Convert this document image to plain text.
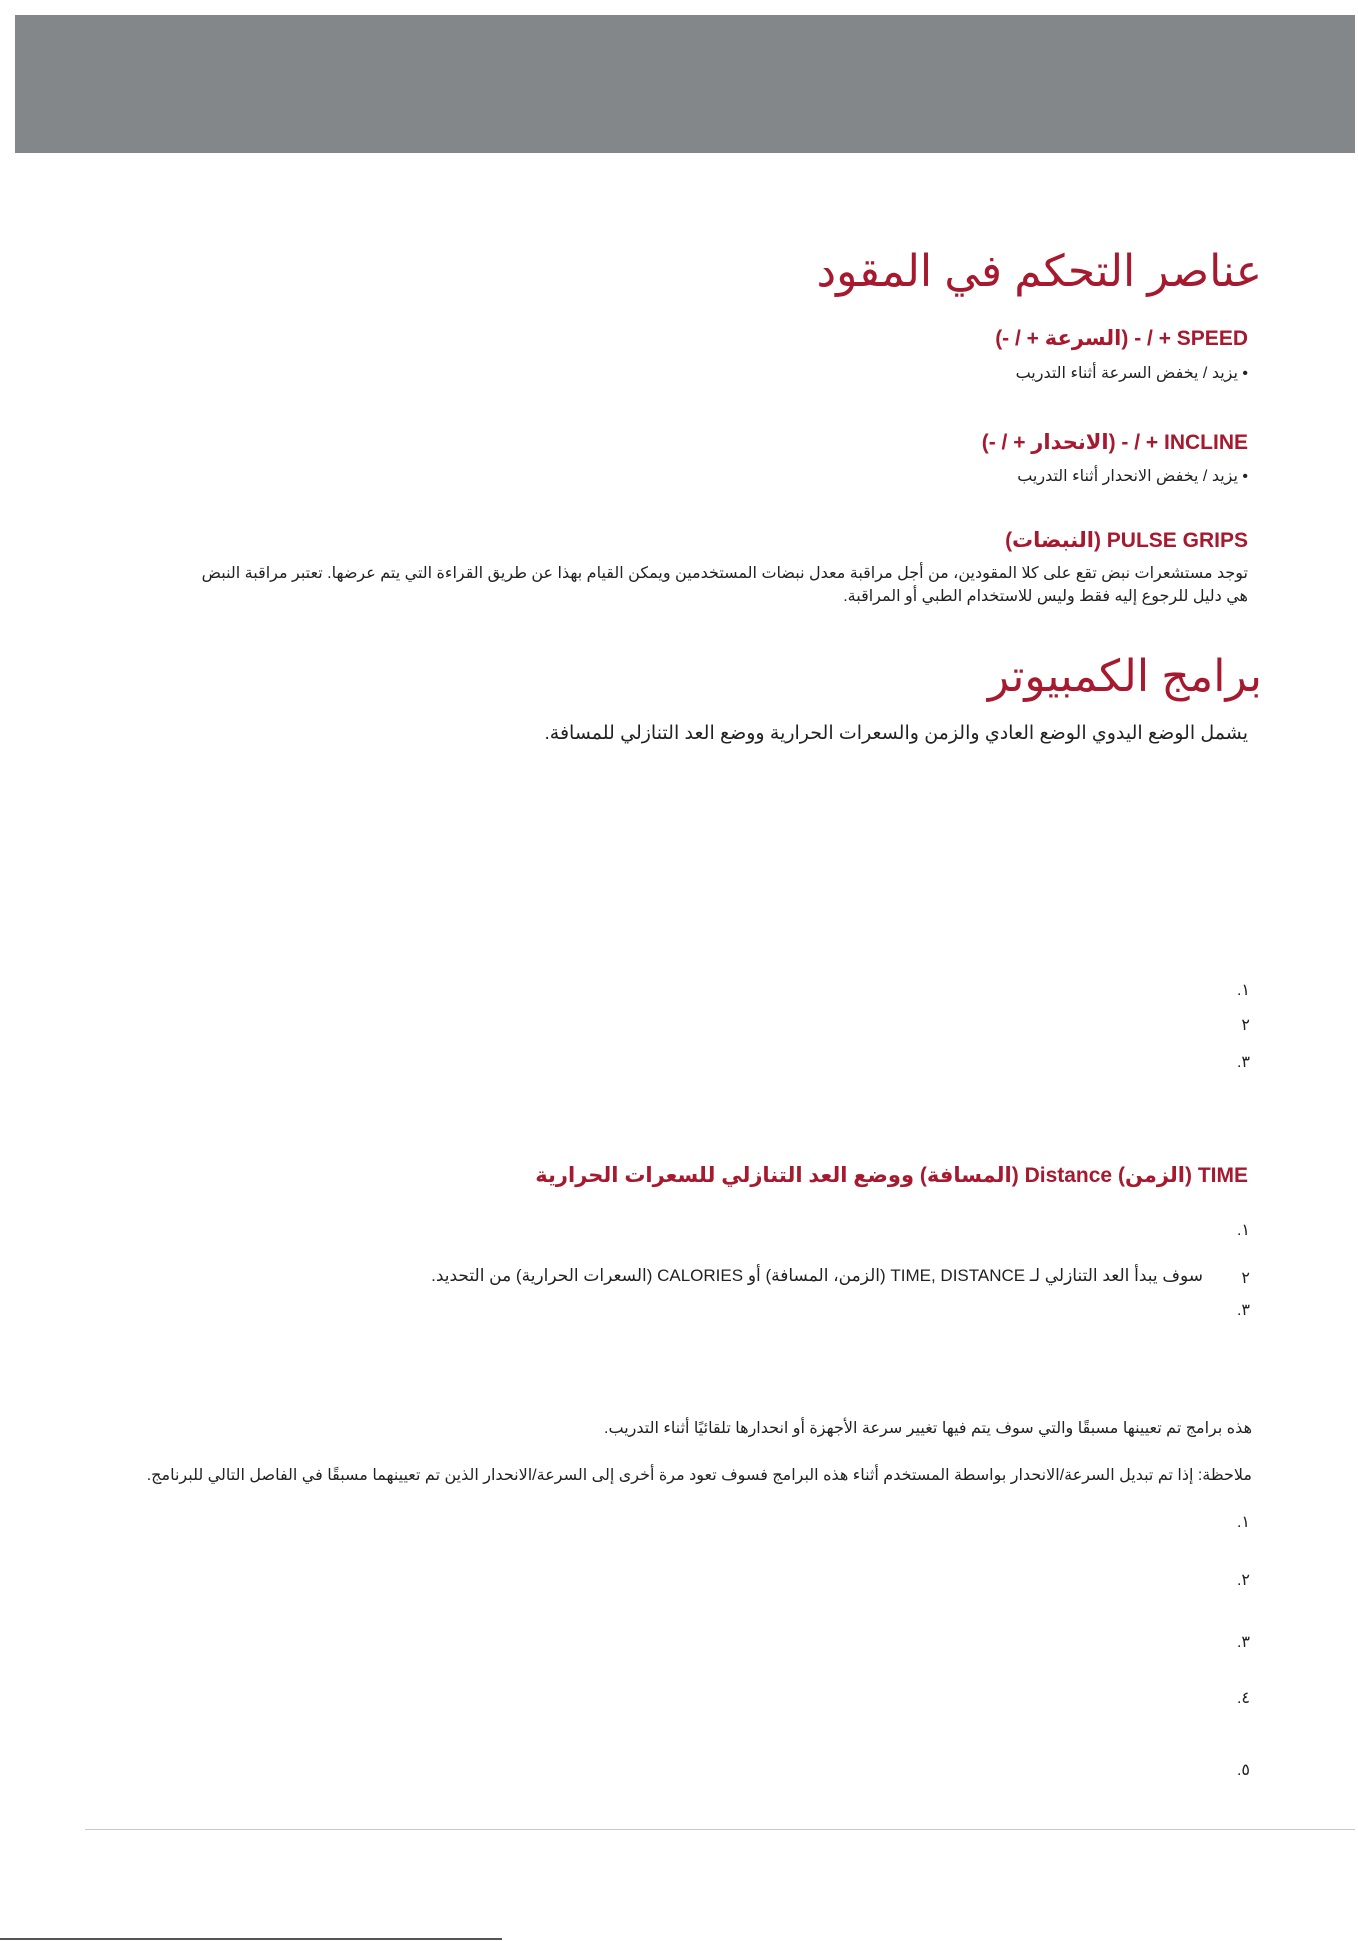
عناصر التحكم في المقود
SPEED + / - (السرعة + / -)
• يزيد / يخفض السرعة أثناء التدريب
INCLINE + / - (الانحدار + / -)
• يزيد / يخفض الانحدار أثناء التدريب
PULSE GRIPS (النبضات)
توجد مستشعرات نبض تقع على كلا المقودين، من أجل مراقبة معدل نبضات المستخدمين ويمكن القيام بهذا عن طريق القراءة التي يتم عرضها. تعتبر مراقبة النبض هي دليل للرجوع إليه فقط وليس للاستخدام الطبي أو المراقبة.
برامج الكمبيوتر
يشمل الوضع اليدوي الوضع العادي والزمن والسعرات الحرارية ووضع العد التنازلي للمسافة.
١.
٢
٣.
TIME (الزمن) Distance (المسافة) ووضع العد التنازلي للسعرات الحرارية
١.
٢
سوف يبدأ العد التنازلي لـ TIME, DISTANCE (الزمن، المسافة) أو CALORIES (السعرات الحرارية) من التحديد.
٣.
هذه برامج تم تعيينها مسبقًا والتي سوف يتم فيها تغيير سرعة الأجهزة أو انحدارها تلقائيًا أثناء التدريب.
ملاحظة: إذا تم تبديل السرعة/الانحدار بواسطة المستخدم أثناء هذه البرامج فسوف تعود مرة أخرى إلى السرعة/الانحدار الذين تم تعيينهما مسبقًا في الفاصل التالي للبرنامج.
١.
٢.
٣.
٤.
٥.
